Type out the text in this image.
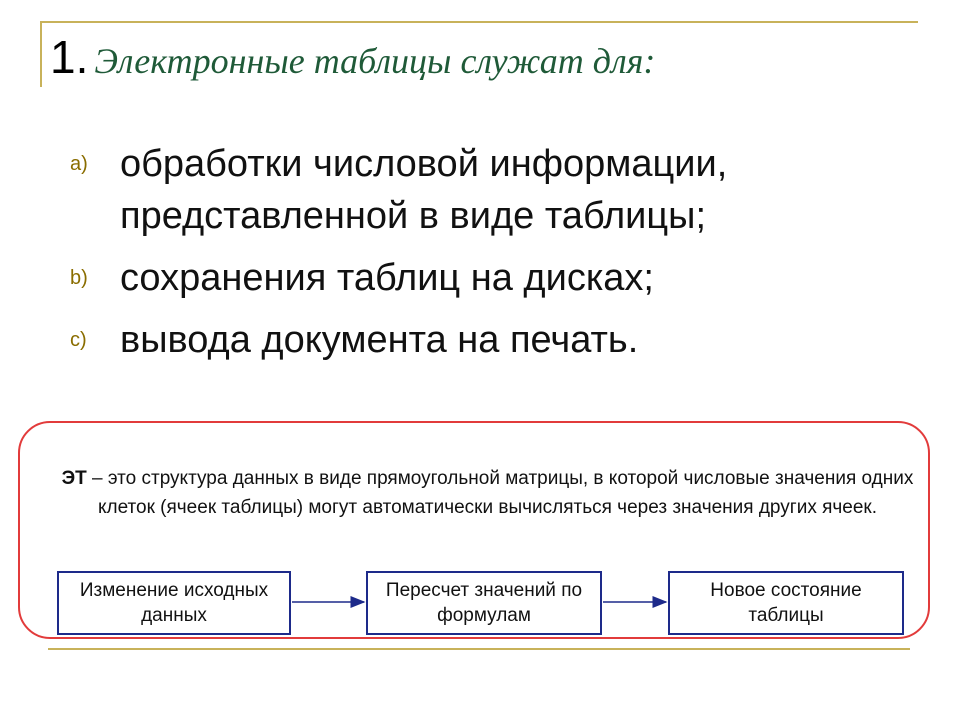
1. Электронные таблицы служат для:
a) обработки числовой информации, представленной в виде таблицы;
b) сохранения таблиц на дисках;
c) вывода документа на печать.
ЭТ – это структура данных в виде прямоугольной матрицы, в которой числовые значения одних клеток (ячеек таблицы) могут автоматически вычисляться через значения других ячеек.
Изменение исходных данных
Пересчет значений по формулам
Новое состояние таблицы
